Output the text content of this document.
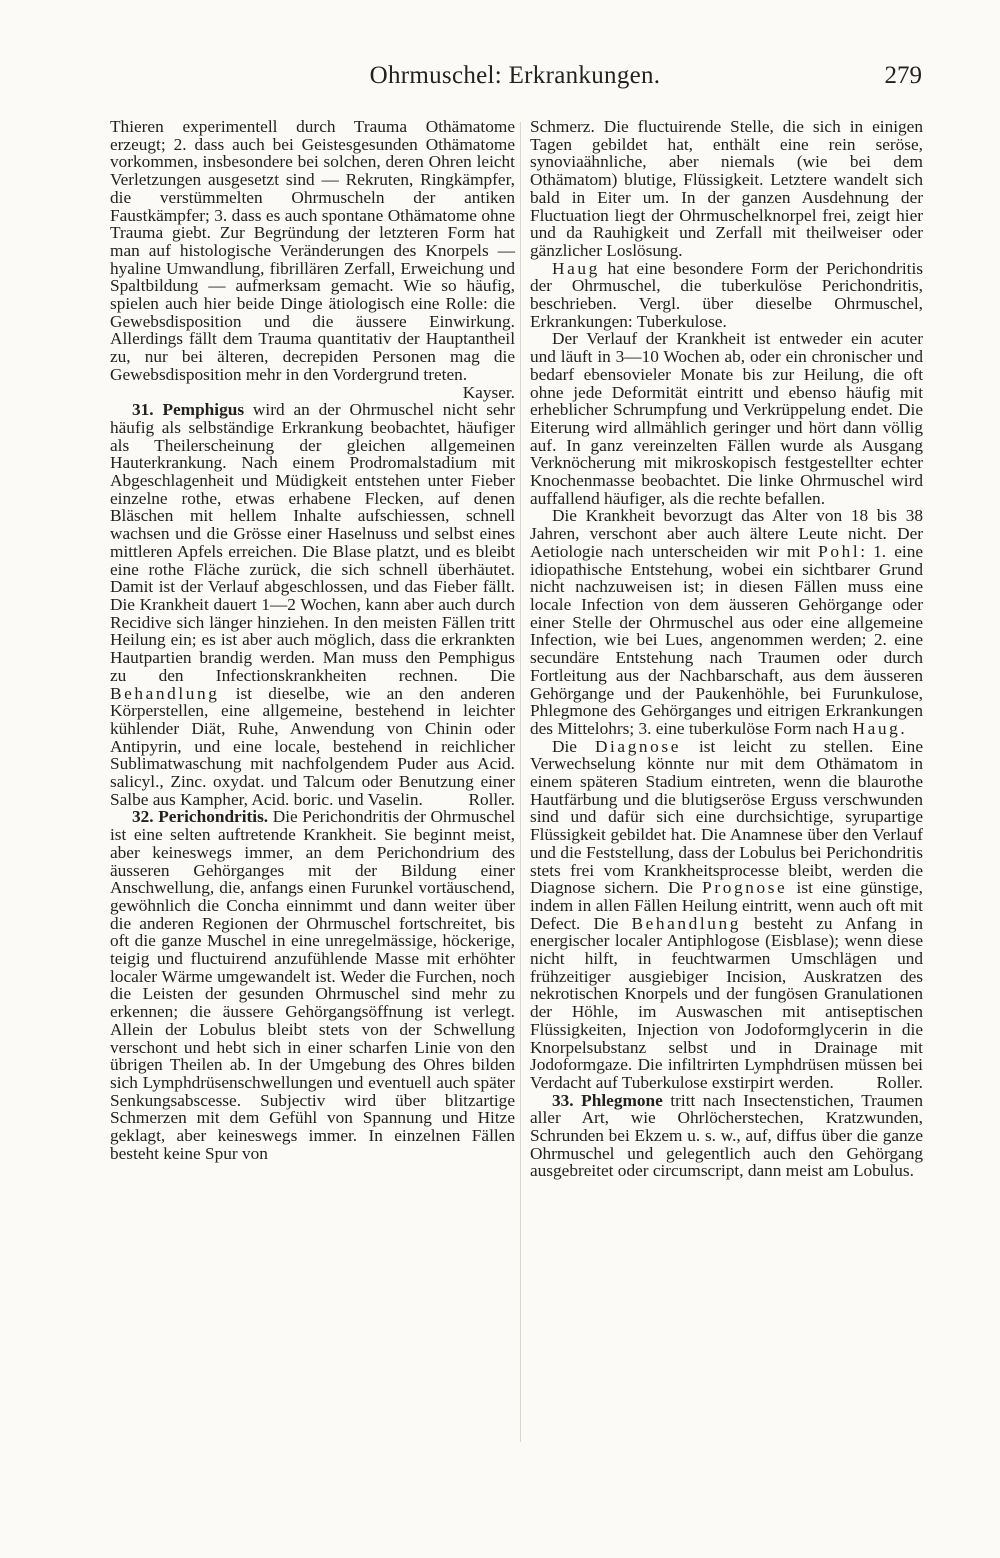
Ohrmuschel: Erkrankungen.	279

Thieren experimentell durch Trauma Othämatome erzeugt; 2. dass auch bei Geistesgesunden Othämatome vorkommen, insbesondere bei solchen, deren Ohren leicht Verletzungen ausgesetzt sind — Rekruten, Ringkämpfer, die verstümmelten Ohrmuscheln der antiken Faustkämpfer; 3. dass es auch spontane Othämatome ohne Trauma giebt. Zur Begründung der letzteren Form hat man auf histologische Veränderungen des Knorpels — hyaline Umwandlung, fibrillären Zerfall, Erweichung und Spaltbildung — aufmerksam gemacht. Wie so häufig, spielen auch hier beide Dinge ätiologisch eine Rolle: die Gewebsdisposition und die äussere Einwirkung. Allerdings fällt dem Trauma quantitativ der Hauptantheil zu, nur bei älteren, decrepiden Personen mag die Gewebsdisposition mehr in den Vordergrund treten.
Kayser.

31. Pemphigus wird an der Ohrmuschel nicht sehr häufig als selbständige Erkrankung beobachtet, häufiger als Theilerscheinung der gleichen allgemeinen Hauterkrankung. Nach einem Prodromalstadium mit Abgeschlagenheit und Müdigkeit entstehen unter Fieber einzelne rothe, etwas erhabene Flecken, auf denen Bläschen mit hellem Inhalte aufschiessen, schnell wachsen und die Grösse einer Haselnuss und selbst eines mittleren Apfels erreichen. Die Blase platzt, und es bleibt eine rothe Fläche zurück, die sich schnell überhäutet. Damit ist der Verlauf abgeschlossen, und das Fieber fällt. Die Krankheit dauert 1—2 Wochen, kann aber auch durch Recidive sich länger hinziehen. In den meisten Fällen tritt Heilung ein; es ist aber auch möglich, dass die erkrankten Hautpartien brandig werden. Man muss den Pemphigus zu den Infectionskrankheiten rechnen. Die Behandlung ist dieselbe, wie an den anderen Körperstellen, eine allgemeine, bestehend in leichter kühlender Diät, Ruhe, Anwendung von Chinin oder Antipyrin, und eine locale, bestehend in reichlicher Sublimatwaschung mit nachfolgendem Puder aus Acid. salicyl., Zinc. oxydat. und Talcum oder Benutzung einer Salbe aus Kampher, Acid. boric. und Vaselin.	Roller.

32. Perichondritis. Die Perichondritis der Ohrmuschel ist eine selten auftretende Krankheit. Sie beginnt meist, aber keineswegs immer, an dem Perichondrium des äusseren Gehörganges mit der Bildung einer Anschwellung, die, anfangs einen Furunkel vortäuschend, gewöhnlich die Concha einnimmt und dann weiter über die anderen Regionen der Ohrmuschel fortschreitet, bis oft die ganze Muschel in eine unregelmässige, höckerige, teigig und fluctuirend anzufühlende Masse mit erhöhter localer Wärme umgewandelt ist. Weder die Furchen, noch die Leisten der gesunden Ohrmuschel sind mehr zu erkennen; die äussere Gehörgangsöffnung ist verlegt. Allein der Lobulus bleibt stets von der Schwellung verschont und hebt sich in einer scharfen Linie von den übrigen Theilen ab. In der Umgebung des Ohres bilden sich Lymphdrüsenschwellungen und eventuell auch später Senkungsabscesse. Subjectiv wird über blitzartige Schmerzen mit dem Gefühl von Spannung und Hitze geklagt, aber keineswegs immer. In einzelnen Fällen besteht keine Spur von

Schmerz. Die fluctuirende Stelle, die sich in einigen Tagen gebildet hat, enthält eine rein seröse, synoviaähnliche, aber niemals (wie bei dem Othämatom) blutige, Flüssigkeit. Letztere wandelt sich bald in Eiter um. In der ganzen Ausdehnung der Fluctuation liegt der Ohrmuschelknorpel frei, zeigt hier und da Rauhigkeit und Zerfall mit theilweiser oder gänzlicher Loslösung.

Haug hat eine besondere Form der Perichondritis der Ohrmuschel, die tuberkulöse Perichondritis, beschrieben. Vergl. über dieselbe Ohrmuschel, Erkrankungen: Tuberkulose.

Der Verlauf der Krankheit ist entweder ein acuter und läuft in 3—10 Wochen ab, oder ein chronischer und bedarf ebensovieler Monate bis zur Heilung, die oft ohne jede Deformität eintritt und ebenso häufig mit erheblicher Schrumpfung und Verkrüppelung endet. Die Eiterung wird allmählich geringer und hört dann völlig auf. In ganz vereinzelten Fällen wurde als Ausgang Verknöcherung mit mikroskopisch festgestellter echter Knochenmasse beobachtet. Die linke Ohrmuschel wird auffallend häufiger, als die rechte befallen.

Die Krankheit bevorzugt das Alter von 18 bis 38 Jahren, verschont aber auch ältere Leute nicht. Der Aetiologie nach unterscheiden wir mit Pohl: 1. eine idiopathische Entstehung, wobei ein sichtbarer Grund nicht nachzuweisen ist; in diesen Fällen muss eine locale Infection von dem äusseren Gehörgange oder einer Stelle der Ohrmuschel aus oder eine allgemeine Infection, wie bei Lues, angenommen werden; 2. eine secundäre Entstehung nach Traumen oder durch Fortleitung aus der Nachbarschaft, aus dem äusseren Gehörgange und der Paukenhöhle, bei Furunkulose, Phlegmone des Gehörganges und eitrigen Erkrankungen des Mittelohrs; 3. eine tuberkulöse Form nach Haug.

Die Diagnose ist leicht zu stellen. Eine Verwechselung könnte nur mit dem Othämatom in einem späteren Stadium eintreten, wenn die blaurothe Hautfärbung und die blutigseröse Erguss verschwunden sind und dafür sich eine durchsichtige, syrupartige Flüssigkeit gebildet hat. Die Anamnese über den Verlauf und die Feststellung, dass der Lobulus bei Perichondritis stets frei vom Krankheitsprocesse bleibt, werden die Diagnose sichern. Die Prognose ist eine günstige, indem in allen Fällen Heilung eintritt, wenn auch oft mit Defect. Die Behandlung besteht zu Anfang in energischer localer Antiphlogose (Eisblase); wenn diese nicht hilft, in feuchtwarmen Umschlägen und frühzeitiger ausgiebiger Incision, Auskratzen des nekrotischen Knorpels und der fungösen Granulationen der Höhle, im Auswaschen mit antiseptischen Flüssigkeiten, Injection von Jodoformglycerin in die Knorpelsubstanz selbst und in Drainage mit Jodoformgaze. Die infiltrirten Lymphdrüsen müssen bei Verdacht auf Tuberkulose exstirpirt werden.	Roller.

33. Phlegmone tritt nach Insectenstichen, Traumen aller Art, wie Ohrlöcherstechen, Kratzwunden, Schrunden bei Ekzem u. s. w., auf, diffus über die ganze Ohrmuschel und gelegentlich auch den Gehörgang ausgebreitet oder circumscript, dann meist am Lobulus.
